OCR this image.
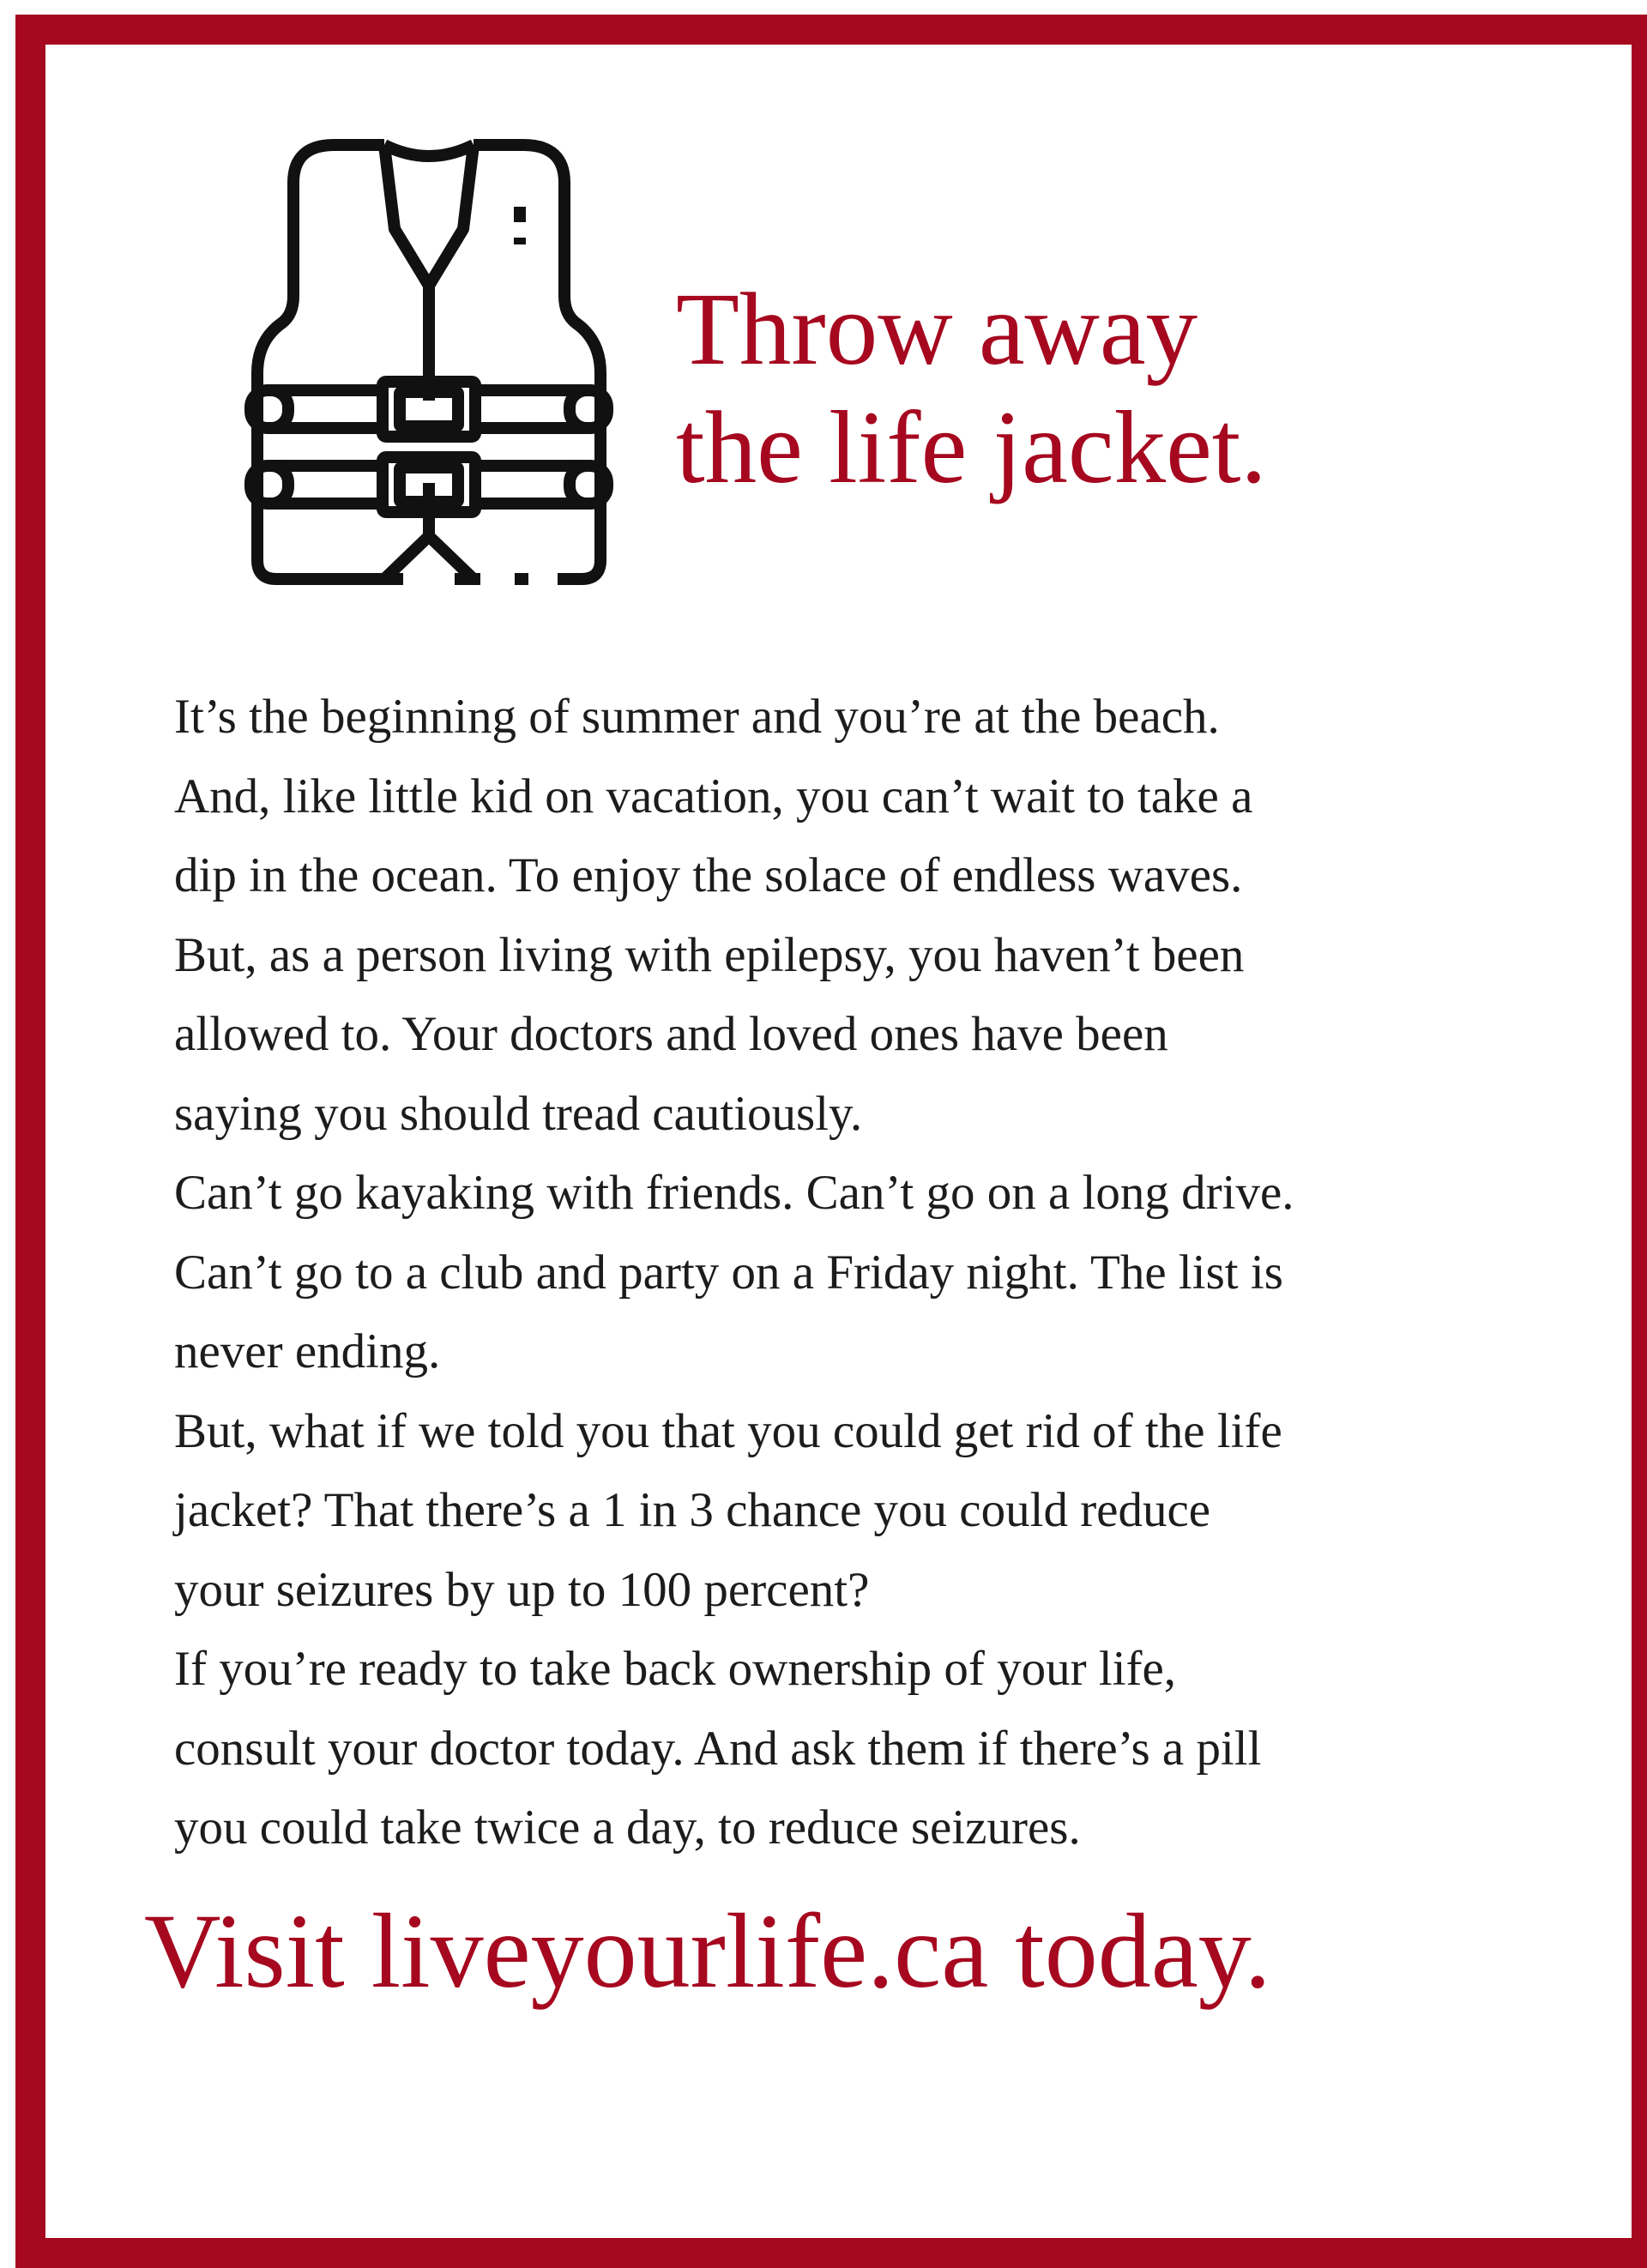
Throw away
the life jacket.
It’s the beginning of summer and you’re at the beach.
And, like little kid on vacation, you can’t wait to take a
dip in the ocean. To enjoy the solace of endless waves.
But, as a person living with epilepsy, you haven’t been
allowed to. Your doctors and loved ones have been
saying you should tread cautiously.
Can’t go kayaking with friends. Can’t go on a long drive.
Can’t go to a club and party on a Friday night. The list is
never ending.
But, what if we told you that you could get rid of the life
jacket? That there’s a 1 in 3 chance you could reduce
your seizures by up to 100 percent?
If you’re ready to take back ownership of your life,
consult your doctor today. And ask them if there’s a pill
you could take twice a day, to reduce seizures.

Visit liveyourlife.ca today.
